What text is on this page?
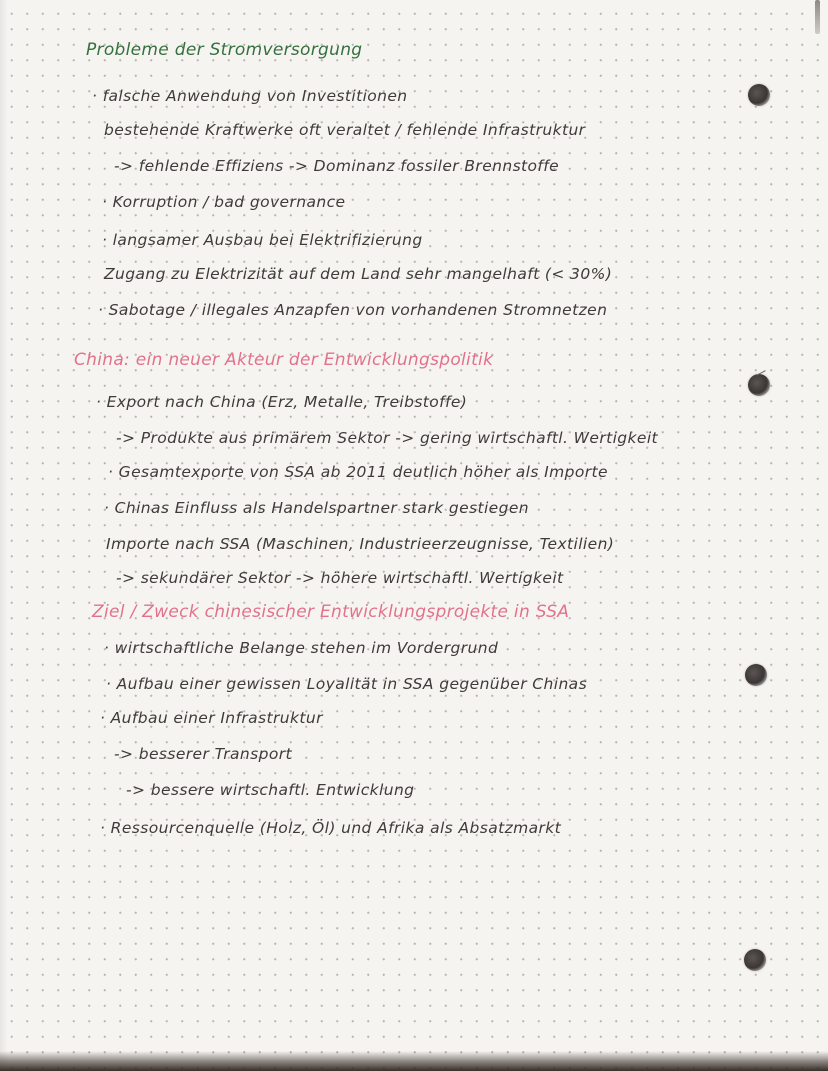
Probleme der Stromversorgung
· falsche Anwendung von Investitionen
bestehende Kraftwerke oft veraltet / fehlende Infrastruktur
-> fehlende Effiziens -> Dominanz fossiler Brennstoffe
· Korruption / bad governance
· langsamer Ausbau bei Elektrifizierung
Zugang zu Elektrizität auf dem Land sehr mangelhaft (< 30%)
· Sabotage / illegales Anzapfen von vorhandenen Stromnetzen
China: ein neuer Akteur der Entwicklungspolitik
· Export nach China (Erz, Metalle, Treibstoffe)
-> Produkte aus primärem Sektor -> gering wirtschaftl. Wertigkeit
· Gesamtexporte von SSA ab 2011 deutlich höher als Importe
· Chinas Einfluss als Handelspartner stark gestiegen
Importe nach SSA (Maschinen, Industrieerzeugnisse, Textilien)
-> sekundärer Sektor -> höhere wirtschaftl. Wertigkeit
Ziel / Zweck chinesischer Entwicklungsprojekte in SSA
· wirtschaftliche Belange stehen im Vordergrund
· Aufbau einer gewissen Loyalität in SSA gegenüber Chinas
· Aufbau einer Infrastruktur
-> besserer Transport
-> bessere wirtschaftl. Entwicklung
· Ressourcenquelle (Holz, Öl) und Afrika als Absatzmarkt
